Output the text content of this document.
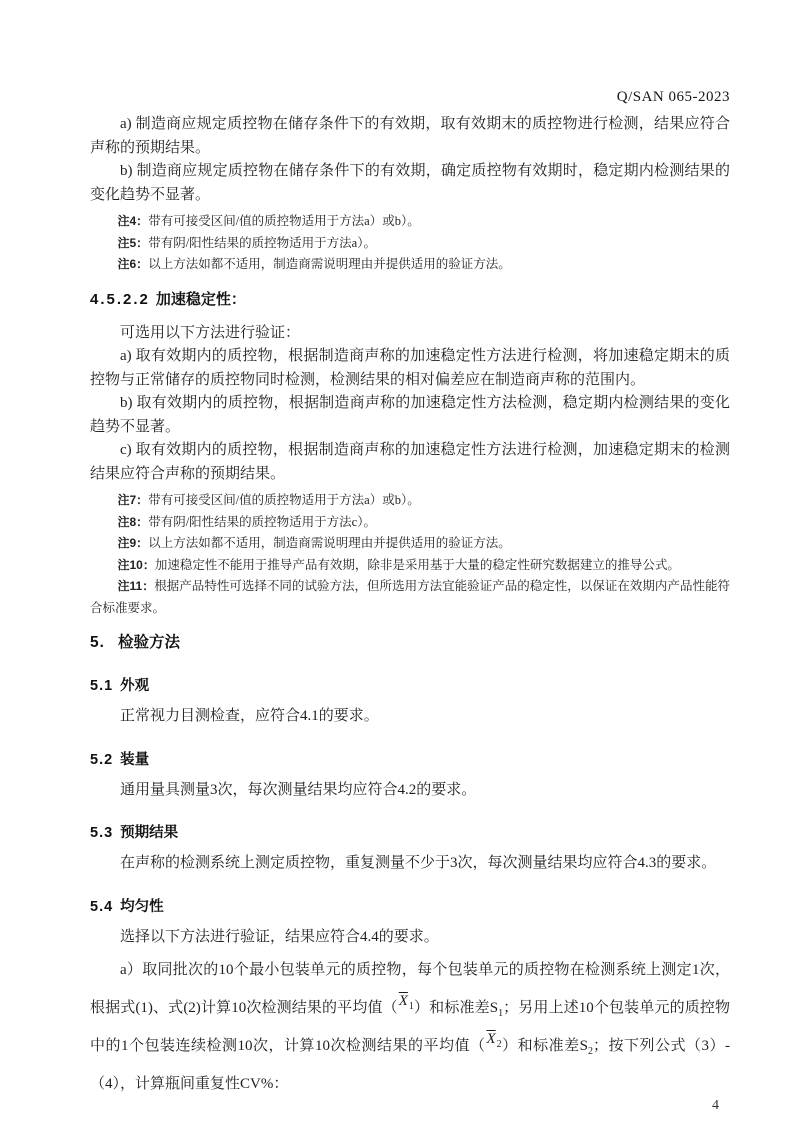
Q/SAN 065-2023

a) 制造商应规定质控物在储存条件下的有效期，取有效期末的质控物进行检测，结果应符合声称的预期结果。

b) 制造商应规定质控物在储存条件下的有效期，确定质控物有效期时，稳定期内检测结果的变化趋势不显著。

注4：带有可接受区间/值的质控物适用于方法a）或b）。

注5：带有阴/阳性结果的质控物适用于方法a）。

注6：以上方法如都不适用，制造商需说明理由并提供适用的验证方法。

4.5.2.2 加速稳定性：

可选用以下方法进行验证：

a) 取有效期内的质控物，根据制造商声称的加速稳定性方法进行检测，将加速稳定期末的质控物与正常储存的质控物同时检测，检测结果的相对偏差应在制造商声称的范围内。

b) 取有效期内的质控物，根据制造商声称的加速稳定性方法检测，稳定期内检测结果的变化趋势不显著。

c) 取有效期内的质控物，根据制造商声称的加速稳定性方法进行检测，加速稳定期末的检测结果应符合声称的预期结果。

注7：带有可接受区间/值的质控物适用于方法a）或b）。

注8：带有阴/阳性结果的质控物适用于方法c）。

注9：以上方法如都不适用，制造商需说明理由并提供适用的验证方法。

注10：加速稳定性不能用于推导产品有效期，除非是采用基于大量的稳定性研究数据建立的推导公式。

注11：根据产品特性可选择不同的试验方法，但所选用方法宜能验证产品的稳定性，以保证在效期内产品性能符合标准要求。

5. 检验方法
5.1 外观

正常视力目测检查，应符合4.1的要求。

5.2 装量

通用量具测量3次，每次测量结果均应符合4.2的要求。

5.3 预期结果

在声称的检测系统上测定质控物，重复测量不少于3次，每次测量结果均应符合4.3的要求。

5.4 均匀性

选择以下方法进行验证，结果应符合4.4的要求。

a）取同批次的10个最小包装单元的质控物，每个包装单元的质控物在检测系统上测定1次，根据式(1)、式(2)计算10次检测结果的平均值$(\overline{X}_1)$和标准差$S_1$；另用上述10个包装单元的质控物中的1个包装连续检测10次，计算10次检测结果的平均值$(\overline{X}_2)$和标准差$S_2$；按下列公式（3）-（4），计算瓶间重复性CV%：

4
